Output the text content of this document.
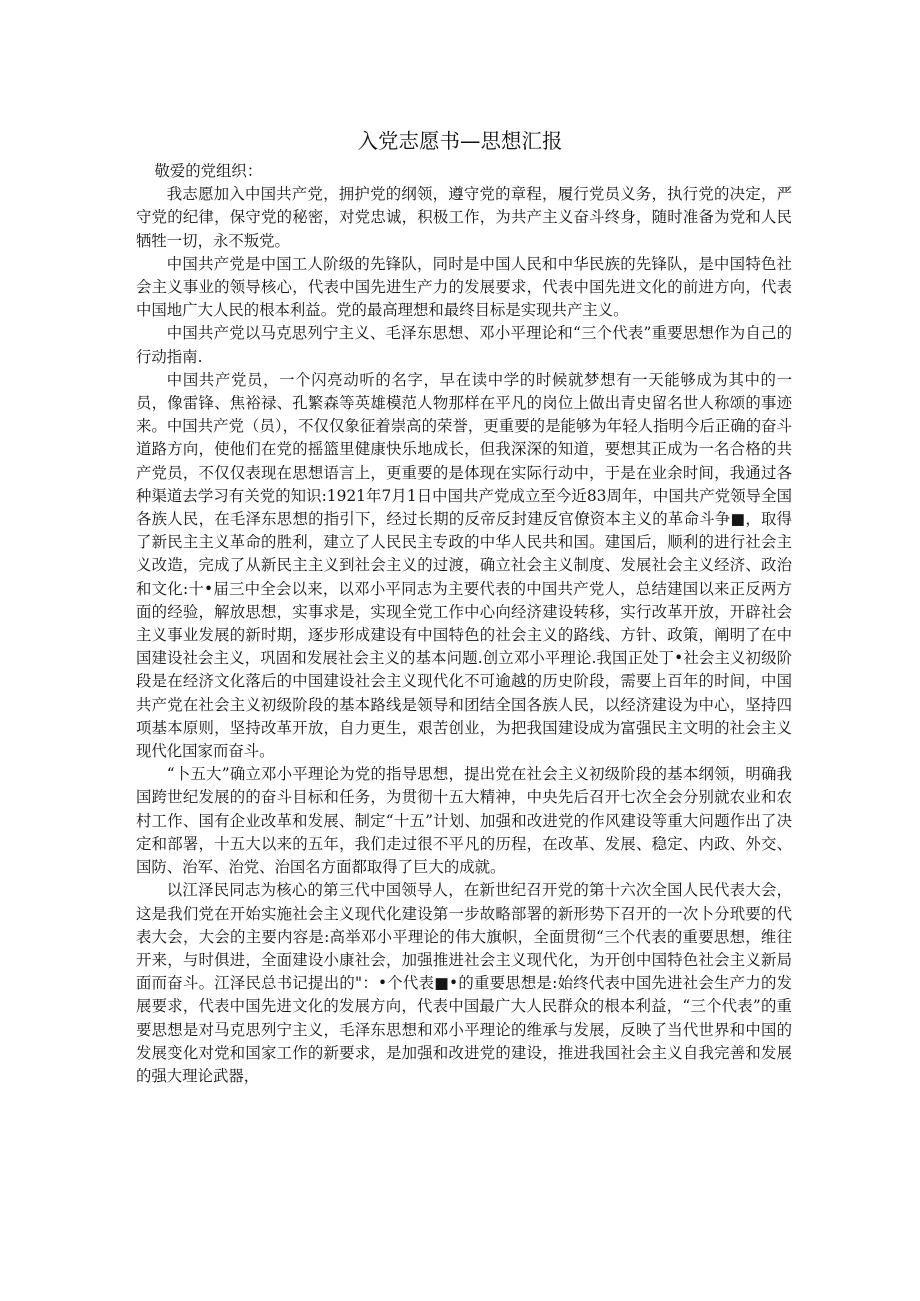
入党志愿书—思想汇报

敬爱的党组织：

我志愿加入中国共产党，拥护党的纲领，遵守党的章程，履行党员义务，执行党的决定，严守党的纪律，保守党的秘密，对党忠诚，积极工作，为共产主义奋斗终身，随时准备为党和人民牺牲一切，永不叛党。

中国共产党是中国工人阶级的先锋队，同时是中国人民和中华民族的先锋队，是中国特色社会主义事业的领导核心，代表中国先进生产力的发展要求，代表中国先进文化的前进方向，代表中国地广大人民的根本利益。党的最高理想和最终目标是实现共产主义。

中国共产党以马克思列宁主义、毛泽东思想、邓小平理论和“三个代表”重要思想作为自己的行动指南.

中国共产党员，一个闪亮动听的名字，早在读中学的时候就梦想有一天能够成为其中的一员，像雷锋、焦裕禄、孔繁森等英雄模范人物那样在平凡的岗位上做出青史留名世人称颂的事迹来。中国共产党（员），不仅仅象征着崇高的荣誉，更重要的是能够为年轻人指明今后正确的奋斗道路方向，使他们在党的摇篮里健康快乐地成长，但我深深的知道，要想其正成为一名合格的共产党员，不仅仅表现在思想语言上，更重要的是体现在实际行动中，于是在业余时间，我通过各种渠道去学习有关党的知识:1921年7月1日中国共产党成立至今近83周年，中国共产党领导全国各族人民，在毛泽东思想的指引下，经过长期的反帝反封建反官僚资本主义的革命斗争■，取得了新民主主义革命的胜利，建立了人民民主专政的中华人民共和国。建国后，顺利的进行社会主义改造，完成了从新民主主义到社会主义的过渡，确立社会主义制度、发展社会主义经济、政治和文化:十•届三中全会以来，以邓小平同志为主要代表的中国共产党人，总结建国以来正反两方面的经验，解放思想，实事求是，实现全党工作中心向经济建设转移，实行改革开放，开辟社会主义事业发展的新时期，逐步形成建设有中国特色的社会主义的路线、方针、政策，阐明了在中国建设社会主义，巩固和发展社会主义的基本问题.创立邓小平理论.我国正处丁•社会主义初级阶段是在经济文化落后的中国建设社会主义现代化不可逾越的历史阶段，需要上百年的时间，中国共产党在社会主义初级阶段的基本路线是领导和团结全国各族人民，以经济建设为中心，坚持四项基本原则，坚持改革开放，自力更生，艰苦创业，为把我国建设成为富强民主文明的社会主义现代化国家而奋斗。

“卜五大”确立邓小平理论为党的指导思想，提出党在社会主义初级阶段的基本纲领，明确我国跨世纪发展的的奋斗目标和任务，为贯彻十五大精神，中央先后召开七次全会分别就农业和农村工作、国有企业改革和发展、制定“十五”计划、加强和改进党的作风建设等重大问题作出了决定和部署，十五大以来的五年，我们走过很不平凡的历程，在改革、发展、稳定、内政、外交、国防、治军、治党、治国名方面都取得了巨大的成就。

以江泽民同志为核心的第三代中国领导人，在新世纪召开党的第十六次全国人民代表大会，这是我们党在开始实施社会主义现代化建设第一步故略部署的新形势下召开的一次卜分玳要的代表大会，大会的主要内容是:高举邓小平理论的伟大旗帜，全面贯彻“三个代表的重要思想，维往开来，与时俱进，全面建设小康社会，加强推进社会主义现代化，为开创中国特色社会主义新局面而奋斗。江泽民总书记提出的"：•个代表■•的重要思想是:始终代表中国先进社会生产力的发展要求，代表中国先进文化的发展方向，代表中国最广大人民群众的根本利益，“三个代表”的重要思想是对马克思列宁主义，毛泽东思想和邓小平理论的维承与发展，反映了当代世界和中国的发展变化对党和国家工作的新要求，是加强和改进党的建设，推进我国社会主义自我完善和发展的强大理论武器，
